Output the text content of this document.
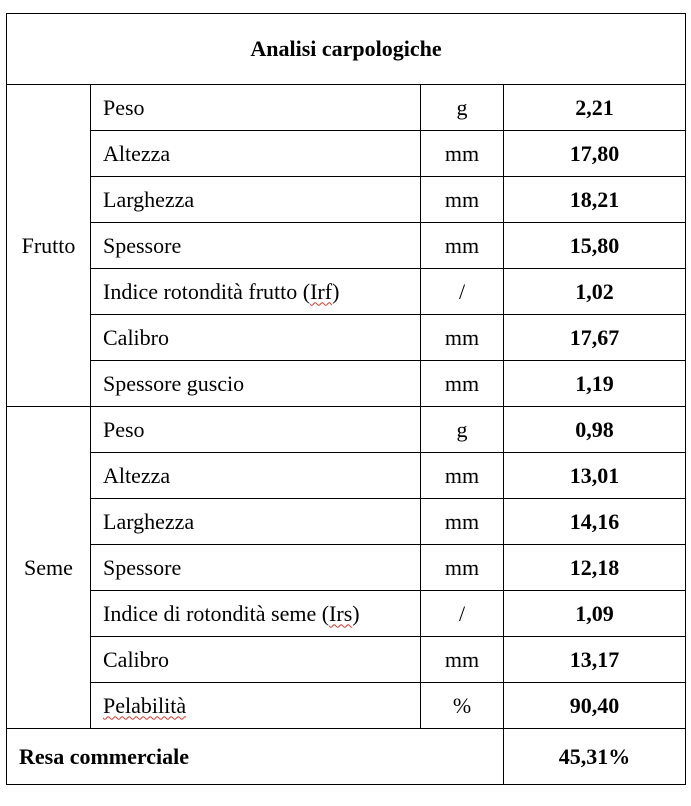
Analisi carpologiche			
Frutto	Peso	g	2,21
	Altezza	mm	17,80
	Larghezza	mm	18,21
	Spessore	mm	15,80
	Indice rotondità frutto (Irf)	/	1,02
	Calibro	mm	17,67
	Spessore guscio	mm	1,19
Seme	Peso	g	0,98
	Altezza	mm	13,01
	Larghezza	mm	14,16
	Spessore	mm	12,18
	Indice di rotondità seme (Irs)	/	1,09
	Calibro	mm	13,17
	Pelabilità	%	90,40
Resa commerciale			45,31%
